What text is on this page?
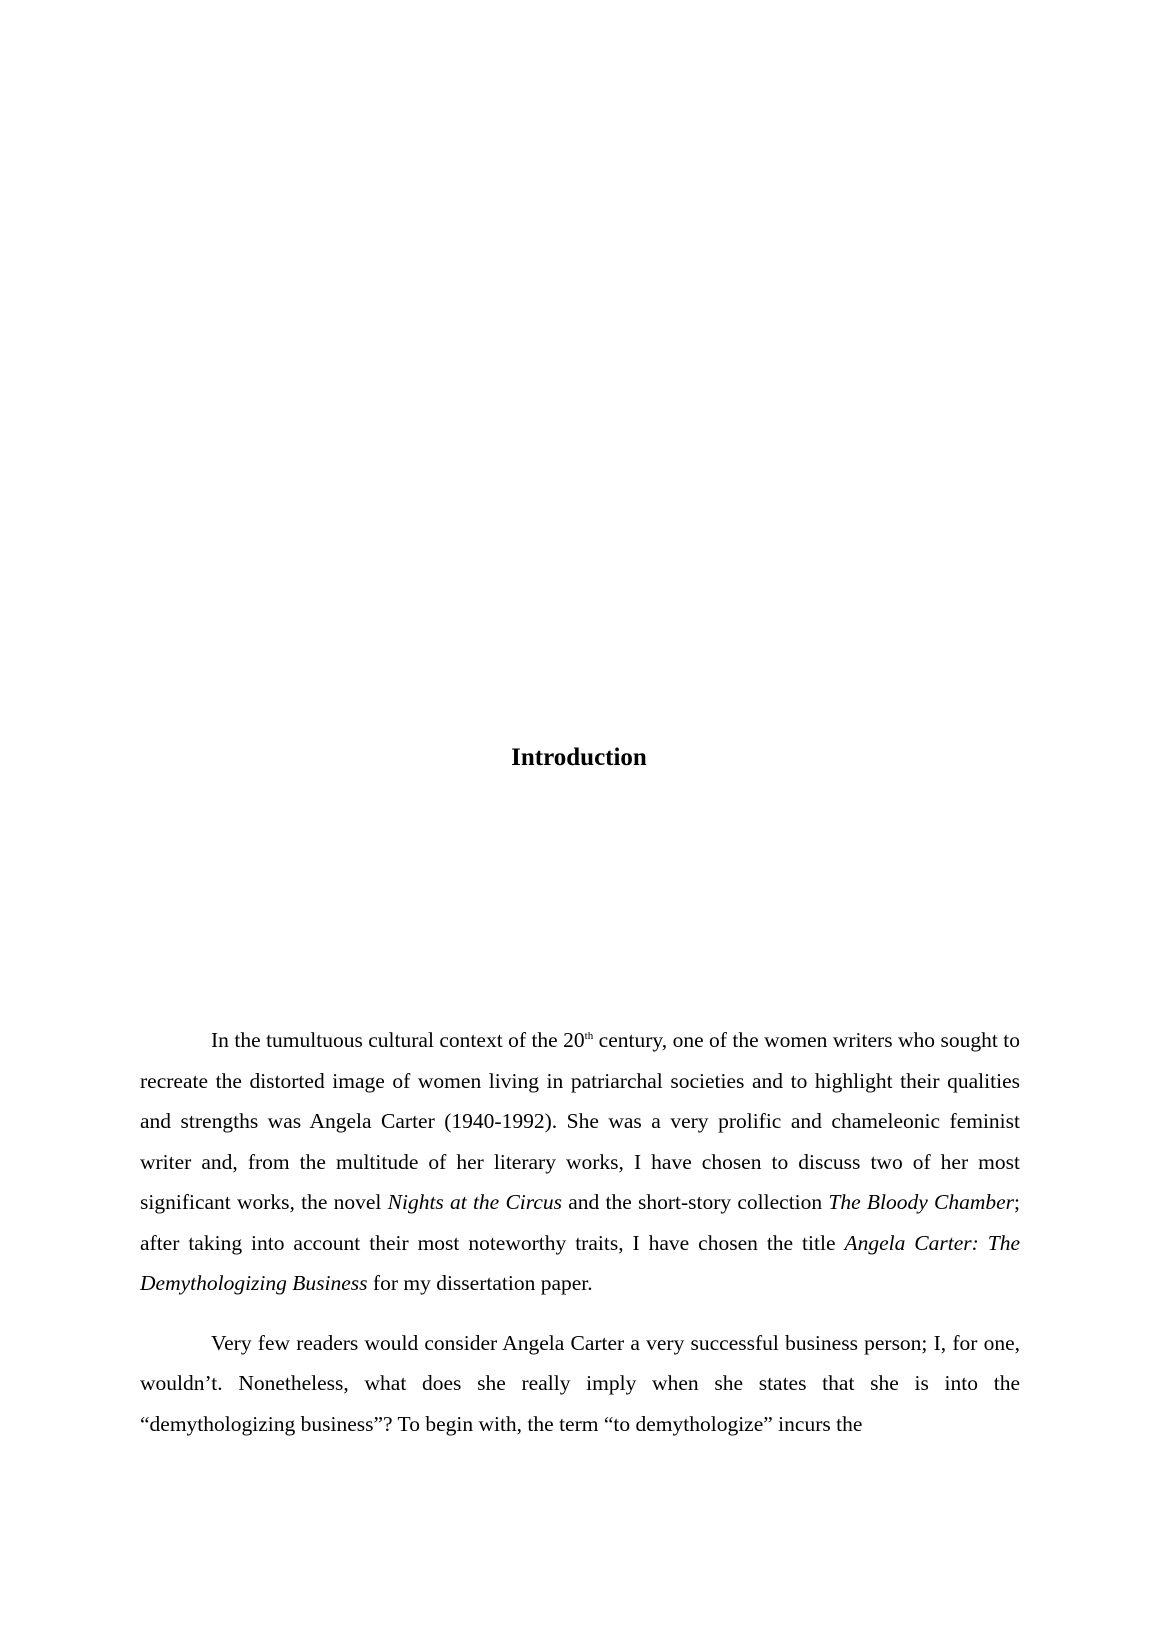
Introduction

In the tumultuous cultural context of the 20th century, one of the women writers who sought to recreate the distorted image of women living in patriarchal societies and to highlight their qualities and strengths was Angela Carter (1940-1992). She was a very prolific and chameleonic feminist writer and, from the multitude of her literary works, I have chosen to discuss two of her most significant works, the novel Nights at the Circus and the short-story collection The Bloody Chamber; after taking into account their most noteworthy traits, I have chosen the title Angela Carter: The Demythologizing Business for my dissertation paper.

Very few readers would consider Angela Carter a very successful business person; I, for one, wouldn’t. Nonetheless, what does she really imply when she states that she is into the “demythologizing business”? To begin with, the term “to demythologize” incurs the
